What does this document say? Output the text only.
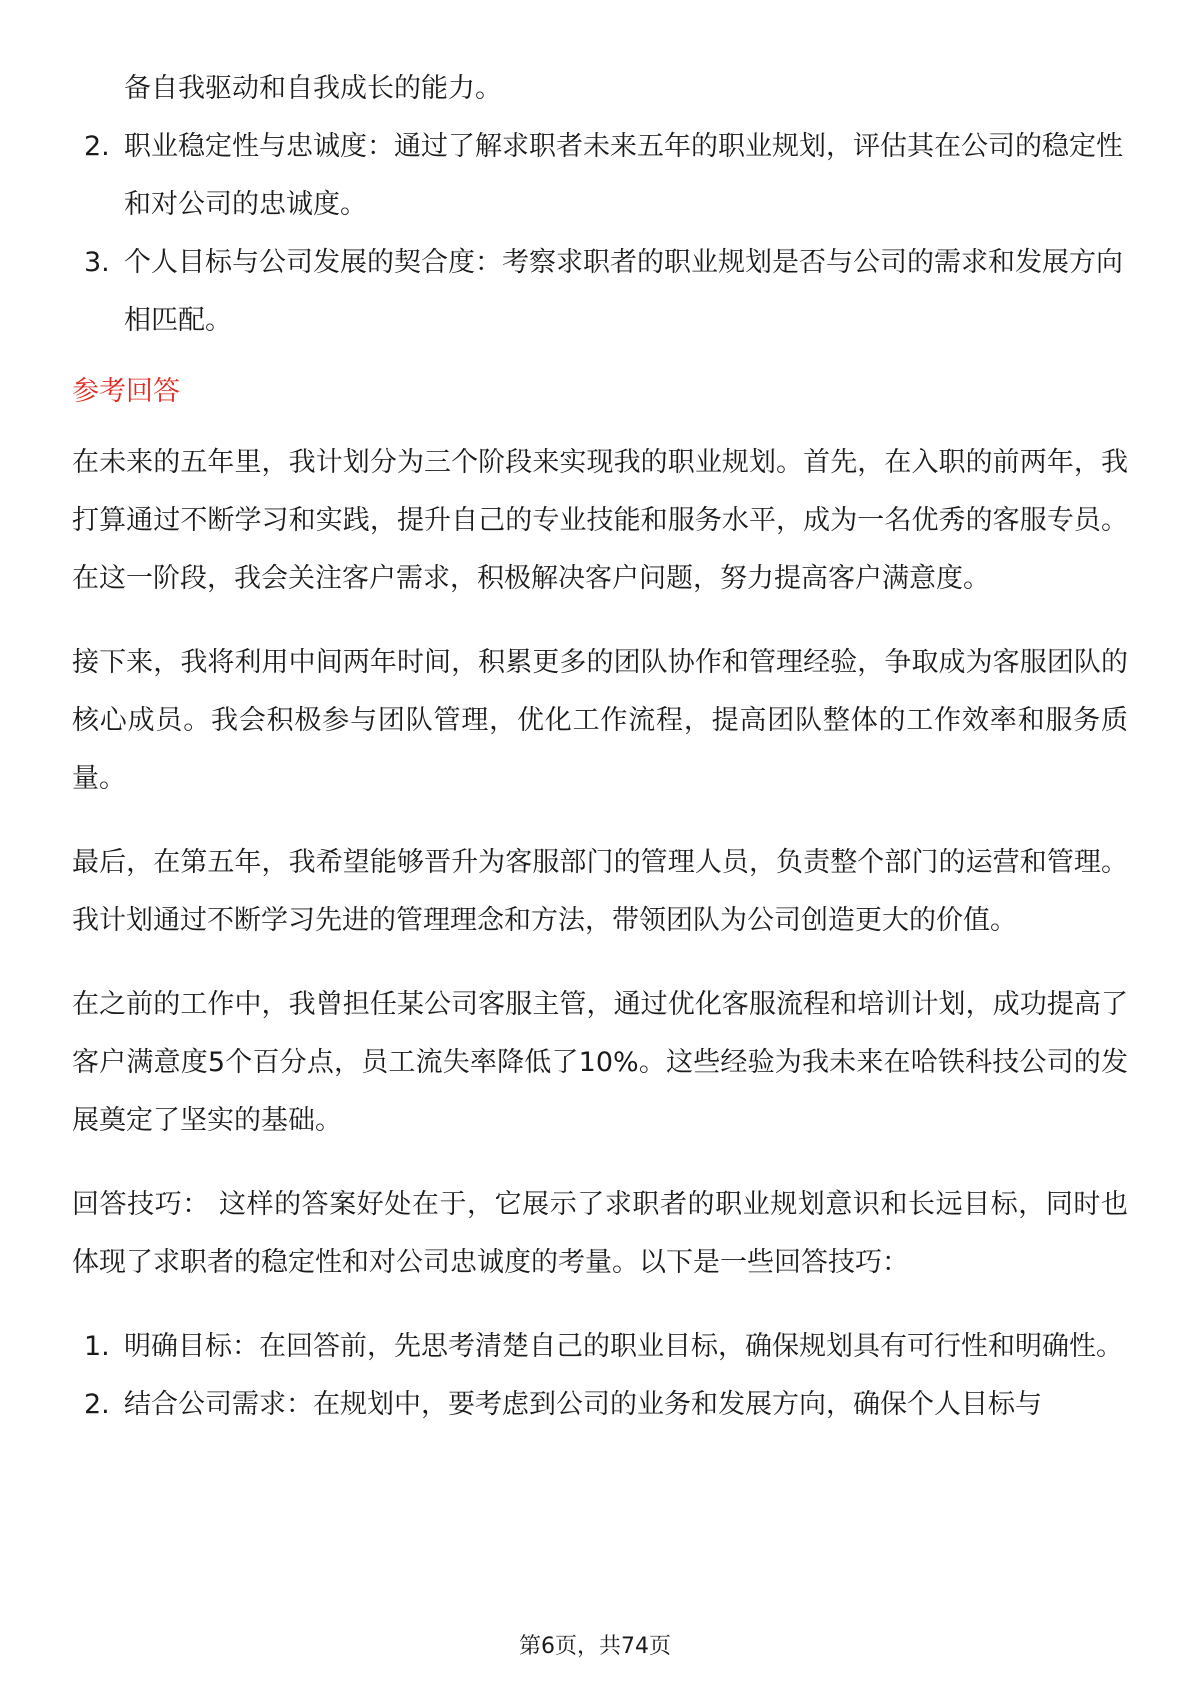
备自我驱动和自我成长的能力。
2. 职业稳定性与忠诚度：通过了解求职者未来五年的职业规划，评估其在公司的稳定性和对公司的忠诚度。
3. 个人目标与公司发展的契合度：考察求职者的职业规划是否与公司的需求和发展方向相匹配。
参考回答

在未来的五年里，我计划分为三个阶段来实现我的职业规划。首先，在入职的前两年，我打算通过不断学习和实践，提升自己的专业技能和服务水平，成为一名优秀的客服专员。在这一阶段，我会关注客户需求，积极解决客户问题，努力提高客户满意度。

接下来，我将利用中间两年时间，积累更多的团队协作和管理经验，争取成为客服团队的核心成员。我会积极参与团队管理，优化工作流程，提高团队整体的工作效率和服务质量。

最后，在第五年，我希望能够晋升为客服部门的管理人员，负责整个部门的运营和管理。我计划通过不断学习先进的管理理念和方法，带领团队为公司创造更大的价值。

在之前的工作中，我曾担任某公司客服主管，通过优化客服流程和培训计划，成功提高了客户满意度5个百分点，员工流失率降低了10%。这些经验为我未来在哈铁科技公司的发展奠定了坚实的基础。

回答技巧： 这样的答案好处在于，它展示了求职者的职业规划意识和长远目标，同时也体现了求职者的稳定性和对公司忠诚度的考量。以下是一些回答技巧：

1. 明确目标：在回答前，先思考清楚自己的职业目标，确保规划具有可行性和明确性。
2. 结合公司需求：在规划中，要考虑到公司的业务和发展方向，确保个人目标与
第6页，共74页
